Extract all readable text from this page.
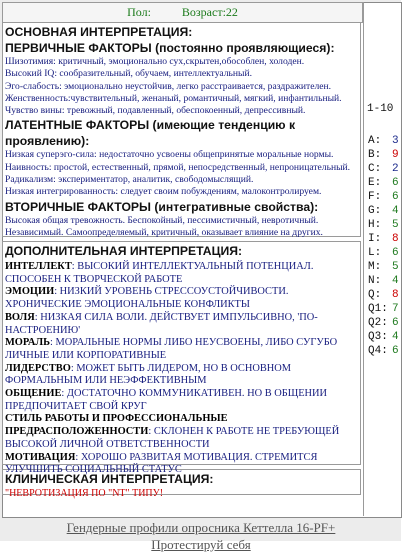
Пол:	Возраст:22
ОСНОВНАЯ ИНТЕРПРЕТАЦИЯ:
ПЕРВИЧНЫЕ ФАКТОРЫ (постоянно проявляющиеся):
Шизотимия: критичный, эмоционально сух,скрытен,обособлен, холоден.
Высокий IQ: сообразительный, обучаем, интеллектуальный.
Эго-слабость: эмоционально неустойчив, легко расстраивается, раздражителен.
Женственность:чувствительный, женаный, романтичный, мягкий, инфантильный.
Чувство вины: тревожный, подавленный, обеспокоенный, депрессивный.
ЛАТЕНТНЫЕ ФАКТОРЫ (имеющие тенденцию к проявлению):
Низкая суперэго-сила: недостаточно усвоены общепринятые моральные нормы.
Наивность: простой, естественный, прямой, непосредственный, непроницательный.
Радикализм: экспериментатор, аналитик, свободомыслящий.
Низкая интегрированность: следует своим побуждениям, малоконтролируем.
ВТОРИЧНЫЕ ФАКТОРЫ (интегративные свойства):
Высокая общая тревожность. Беспокойный, пессимистичный, невротичный.
Независимый. Самоопределяемый, критичный, оказывает влияние на других.
ДОПОЛНИТЕЛЬНАЯ ИНТЕРПРЕТАЦИЯ:
ИНТЕЛЛЕКТ: ВЫСОКИЙ ИНТЕЛЛЕКТУАЛЬНЫЙ ПОТЕНЦИАЛ. СПОСОБЕН К ТВОРЧЕСКОЙ РАБОТЕ
ЭМОЦИИ: НИЗКИЙ УРОВЕНЬ СТРЕССОУСТОЙЧИВОСТИ. ХРОНИЧЕСКИЕ ЭМОЦИОНАЛЬНЫЕ КОНФЛИКТЫ
ВОЛЯ: НИЗКАЯ СИЛА ВОЛИ. ДЕЙСТВУЕТ ИМПУЛЬСИВНО, 'ПО-НАСТРОЕНИЮ'
МОРАЛЬ: МОРАЛЬНЫЕ НОРМЫ ЛИБО НЕУСВОЕНЫ, ЛИБО СУГУБО ЛИЧНЫЕ ИЛИ КОРПОРАТИВНЫЕ
ЛИДЕРСТВО: МОЖЕТ БЫТЬ ЛИДЕРОМ, НО В ОСНОВНОМ ФОРМАЛЬНЫМ ИЛИ НЕЭФФЕКТИВНЫМ
ОБЩЕНИЕ: ДОСТАТОЧНО КОММУНИКАТИВЕН. НО В ОБЩЕНИИ ПРЕДПОЧИТАЕТ СВОЙ КРУГ
СТИЛЬ РАБОТЫ И ПРОФЕССИОНАЛЬНЫЕ ПРЕДРАСПОЛОЖЕННОСТИ: СКЛОНЕН К РАБОТЕ НЕ ТРЕБУЮЩЕЙ ВЫСОКОЙ ЛИЧНОЙ ОТВЕТСТВЕННОСТИ
МОТИВАЦИЯ: ХОРОШО РАЗВИТАЯ МОТИВАЦИЯ. СТРЕМИТСЯ УЛУЧШИТЬ СОЦИАЛЬНЫЙ СТАТУС
КЛИНИЧЕСКАЯ ИНТЕРПРЕТАЦИЯ:
"НЕВРОТИЗАЦИЯ ПО "NT" ТИПУ!
1-10
A: 3
B: 9
C: 2
E: 6
F: 6
G: 4
H: 5
I: 8
L: 6
M: 5
N: 4
Q: 8
Q1: 7
Q2: 6
Q3: 4
Q4: 6
Гендерные профили опросника Кеттелла 16-PF+
Протестируй себя
